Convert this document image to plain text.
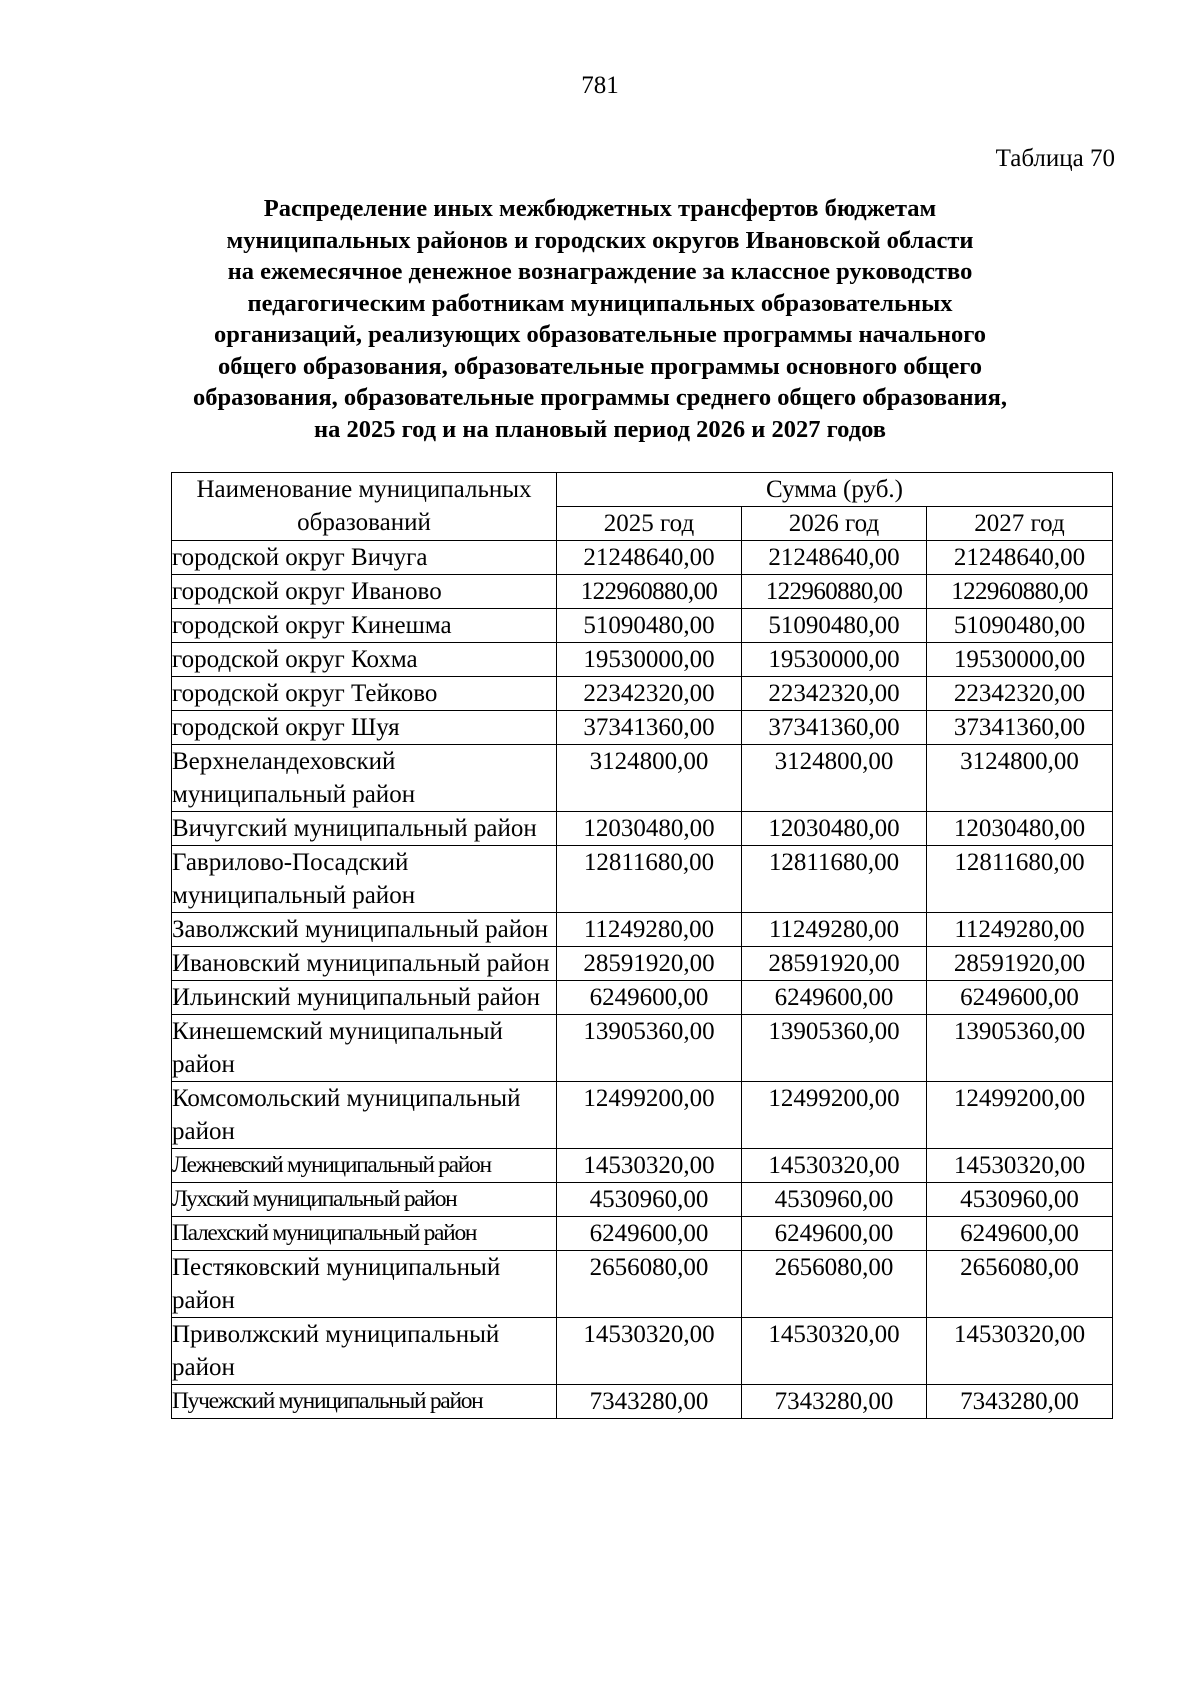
781
Таблица 70
Распределение иных межбюджетных трансфертов бюджетам
муниципальных районов и городских округов Ивановской области
на ежемесячное денежное вознаграждение за классное руководство
педагогическим работникам муниципальных образовательных
организаций, реализующих образовательные программы начального
общего образования, образовательные программы основного общего
образования, образовательные программы среднего общего образования,
на 2025 год и на плановый период 2026 и 2027 годов
Наименование муниципальных образований	Сумма (руб.)		
	2025 год	2026 год	2027 год
городской округ Вичуга	21248640,00	21248640,00	21248640,00
городской округ Иваново	122960880,00	122960880,00	122960880,00
городской округ Кинешма	51090480,00	51090480,00	51090480,00
городской округ Кохма	19530000,00	19530000,00	19530000,00
городской округ Тейково	22342320,00	22342320,00	22342320,00
городской округ Шуя	37341360,00	37341360,00	37341360,00
Верхнеландеховский муниципальный район	3124800,00	3124800,00	3124800,00
Вичугский муниципальный район	12030480,00	12030480,00	12030480,00
Гаврилово-Посадский муниципальный район	12811680,00	12811680,00	12811680,00
Заволжский муниципальный район	11249280,00	11249280,00	11249280,00
Ивановский муниципальный район	28591920,00	28591920,00	28591920,00
Ильинский муниципальный район	6249600,00	6249600,00	6249600,00
Кинешемский муниципальный район	13905360,00	13905360,00	13905360,00
Комсомольский муниципальный район	12499200,00	12499200,00	12499200,00
Лежневский муниципальный район	14530320,00	14530320,00	14530320,00
Лухский муниципальный район	4530960,00	4530960,00	4530960,00
Палехский муниципальный район	6249600,00	6249600,00	6249600,00
Пестяковский муниципальный район	2656080,00	2656080,00	2656080,00
Приволжский муниципальный район	14530320,00	14530320,00	14530320,00
Пучежский муниципальный район	7343280,00	7343280,00	7343280,00
